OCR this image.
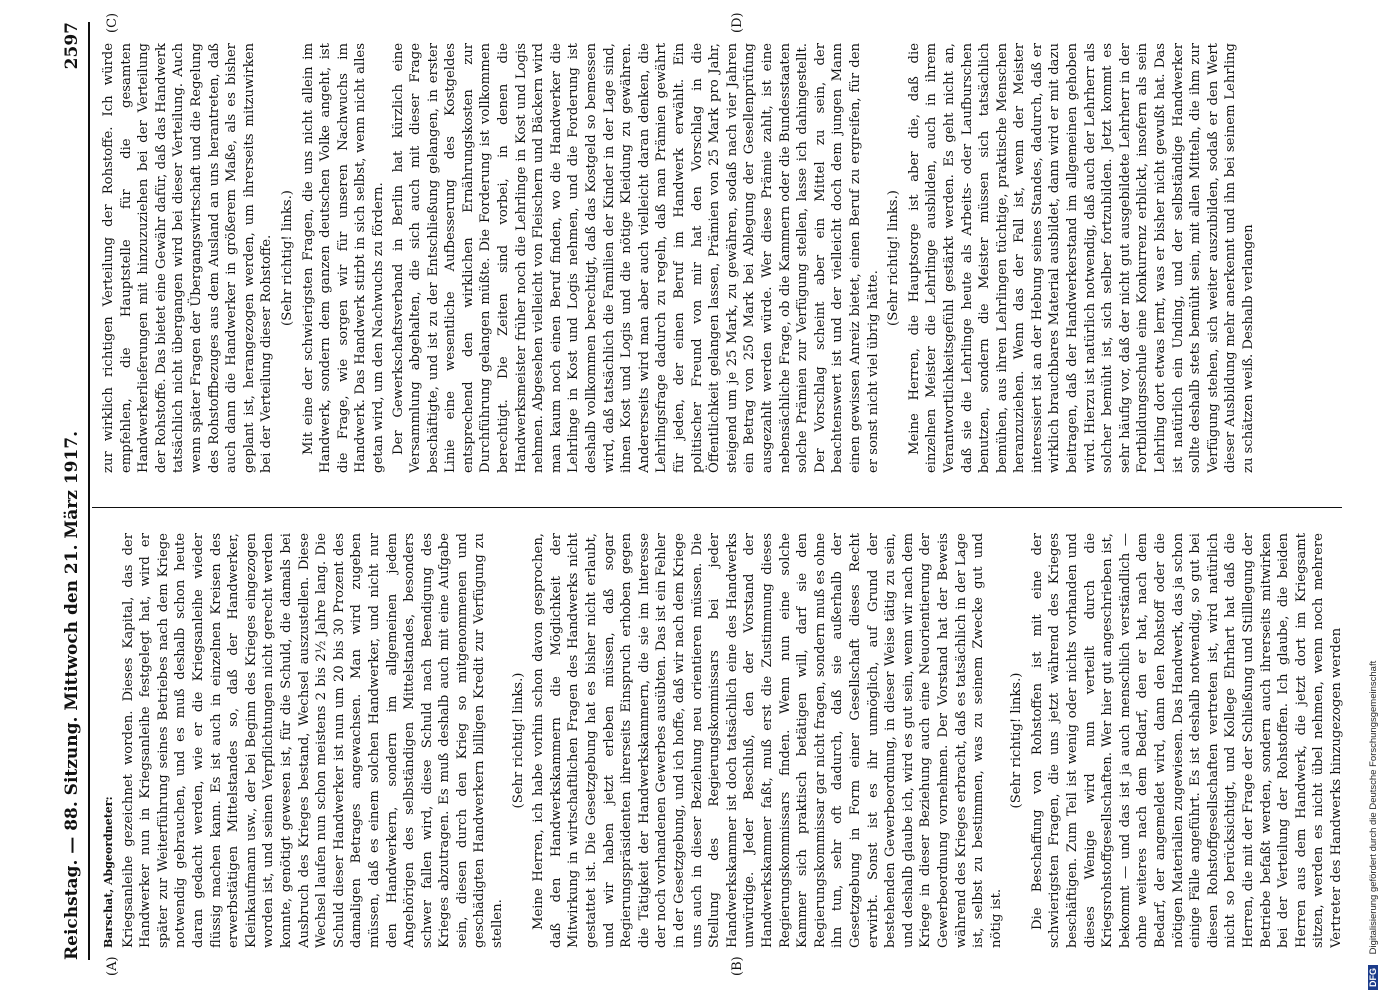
Reichstag. — 88. Sitzung. Mittwoch den 21. März 1917.
2597
(A)	(B)
(C)	(D)

Barschat, Abgeordneter: Kriegsanleihe gezeichnet worden. Dieses Kapital, das der Handwerker nun in Kriegsanleihe festgelegt hat, wird er später zur Weiterführung seines Betriebes nach dem Kriege notwendig gebrauchen, und es muß deshalb schon heute daran gedacht werden, wie er die Kriegsanleihe wieder flüssig machen kann. Es ist auch in einzelnen Kreisen des erwerbstätigen Mittelstandes so, daß der Handwerker, Kleinkaufmann usw., der bei Beginn des Krieges eingezogen worden ist, und seinen Verpflichtungen nicht gerecht werden konnte, genötigt gewesen ist, für die Schuld, die damals bei Ausbruch des Krieges bestand, Wechsel auszustellen. Diese Wechsel laufen nun schon meistens 2 bis 2½ Jahre lang. Die Schuld dieser Handwerker ist nun um 20 bis 30 Prozent des damaligen Betrages angewachsen. Man wird zugeben müssen, daß es einem solchen Handwerker, und nicht nur den Handwerkern, sondern im allgemeinen jedem Angehörigen des selbständigen Mittelstandes, besonders schwer fallen wird, diese Schuld nach Beendigung des Krieges abzutragen. Es muß deshalb auch mit eine Aufgabe sein, diesen durch den Krieg so mitgenommenen und geschädigten Handwerkern billigen Kredit zur Verfügung zu stellen.

(Sehr richtig! links.) Meine Herren, ich habe vorhin schon davon gesprochen, daß den Handwerkskammern die Möglichkeit der Mitwirkung in wirtschaftlichen Fragen des Handwerks nicht gestattet ist. Die Gesetzgebung hat es bisher nicht erlaubt, und wir haben jetzt erleben müssen, daß sogar Regierungspräsidenten ihrerseits Einspruch erhoben gegen die Tätigkeit der Handwerkskammern, die sie im Interesse der noch vorhandenen Gewerbes ausübten. Das ist ein Fehler in der Gesetzgebung, und ich hoffe, daß wir nach dem Kriege uns auch in dieser Beziehung neu orientieren müssen. Die Stellung des Regierungskommissars bei jeder Handwerkskammer ist doch tatsächlich eine des Handwerks unwürdige. Jeder Beschluß, den der Vorstand der Handwerkskammer faßt, muß erst die Zustimmung dieses Regierungskommissars finden. Wenn nun eine solche Kammer sich praktisch betätigen will, darf sie den Regierungskommissar gar nicht fragen, sondern muß es ohne ihn tun, sehr oft dadurch, daß sie außerhalb der Gesetzgebung in Form einer Gesellschaft dieses Recht erwirbt. Sonst ist es ihr unmöglich, auf Grund der bestehenden Gewerbeordnung, in dieser Weise tätig zu sein, und deshalb glaube ich, wird es gut sein, wenn wir nach dem Kriege in dieser Beziehung auch eine Neuorientierung der Gewerbeordnung vornehmen. Der Vorstand hat der Beweis während des Krieges erbracht, daß es tatsächlich in der Lage ist, selbst zu bestimmen, was zu seinem Zwecke gut und nötig ist.

(Sehr richtig! links.) Die Beschaffung von Rohstoffen ist mit eine der schwierigsten Fragen, die uns jetzt während des Krieges beschäftigen. Zum Teil ist wenig oder nichts vorhanden und dieses Wenige wird nun verteilt durch die Kriegsrohstoffgesellschaften. Wer hier gut angeschrieben ist, bekommt — und das ist ja auch menschlich verständlich — ohne weiteres nach dem Bedarf, den er hat, nach dem Bedarf, der angemeldet wird, dann den Rohstoff oder die nötigen Materialien zugewiesen. Das Handwerk, das ja schon einige Fälle angeführt. Es ist deshalb notwendig, so gut bei diesen Rohstoffgesellschaften vertreten ist, wird natürlich nicht so berücksichtigt, und Kollege Ehrhart hat daß die Herren, die mit der Frage der Schließung und Stilllegung der Betriebe befaßt werden, sondern auch ihrerseits mitwirken bei der Verteilung der Rohstoffen. Ich glaube, die beiden Herren aus dem Handwerk, die jetzt dort im Kriegsamt sitzen, werden es nicht übel nehmen, wenn noch mehrere Vertreter des Handwerks hinzugezogen werden

zur wirklich richtigen Verteilung der Rohstoffe. Ich würde empfehlen, die Hauptstelle für die gesamten Handwerkerlieferungen mit hinzuzuziehen bei der Verteilung der Rohstoffe. Das bietet eine Gewähr dafür, daß das Handwerk tatsächlich nicht übergangen wird bei dieser Verteilung. Auch wenn später Fragen der Übergangswirtschaft und die Regelung des Rohstoffbezuges aus dem Ausland an uns herantreten, daß auch dann die Handwerker in größerem Maße, als es bisher geplant ist, herangezogen werden, um ihrerseits mitzuwirken bei der Verteilung dieser Rohstoffe. (Sehr richtig! links.) Mit eine der schwierigsten Fragen, die uns nicht allein im Handwerk, sondern dem ganzen deutschen Volke angeht, ist die Frage, wie sorgen wir für unseren Nachwuchs im Handwerk. Das Handwerk stirbt in sich selbst, wenn nicht alles getan wird, um den Nachwuchs zu fördern. Der Gewerkschaftsverband in Berlin hat kürzlich eine Versammlung abgehalten, die sich auch mit dieser Frage beschäftigte, und ist zu der Entschließung gelangen, in erster Linie eine wesentliche Aufbesserung des Kostgeldes entsprechend den wirklichen Ernährungskosten zur Durchführung gelangen müßte. Die Forderung ist vollkommen berechtigt. Die Zeiten sind vorbei, in denen die Handwerksmeister früher noch die Lehrlinge in Kost und Logis nehmen. Abgesehen vielleicht von Fleischern und Bäckern wird man kaum noch einen Beruf finden, wo die Handwerker die Lehrlinge in Kost und Logis nehmen, und die Forderung ist deshalb vollkommen berechtigt, daß das Kostgeld so bemessen wird, daß tatsächlich die Familien der Kinder in der Lage sind, ihnen Kost und Logis und die nötige Kleidung zu gewähren. Andererseits wird man aber auch vielleicht daran denken, die Lehrlingsfrage dadurch zu regeln, daß man Prämien gewährt für jeden, der einen Beruf im Handwerk erwählt. Ein politischer Freund von mir hat den Vorschlag in die Öffentlichkeit gelangen lassen, Prämien von 25 Mark pro Jahr, steigend um je 25 Mark, zu gewähren, sodaß nach vier Jahren ein Betrag von 250 Mark bei Ablegung der Gesellenprüfung ausgezahlt werden würde. Wer diese Prämie zahlt, ist eine nebensächliche Frage, ob die Kammern oder die Bundesstaaten solche Prämien zur Verfügung stellen, lasse ich dahingestellt. Der Vorschlag scheint aber ein Mittel zu sein, der beachtenswert ist und der vielleicht doch dem jungen Mann einen gewissen Anreiz bietet, einen Beruf zu ergreifen, für den er sonst nicht viel übrig hätte.

(Sehr richtig! links.) Meine Herren, die Hauptsorge ist aber die, daß die einzelnen Meister die Lehrlinge ausbilden, auch in ihrem Verantwortlichkeitsgefühl gestärkt werden. Es geht nicht an, daß sie die Lehrlinge heute als Arbeits- oder Laufburschen benutzen, sondern die Meister müssen sich tatsächlich bemühen, aus ihren Lehrlingen tüchtige, praktische Menschen heranzuziehen. Wenn das der Fall ist, wenn der Meister interessiert ist an der Hebung seines Standes, dadurch, daß er wirklich brauchbares Material ausbildet, dann wird er mit dazu beitragen, daß der Handwerkerstand im allgemeinen gehoben wird. Hierzu ist natürlich notwendig, daß auch der Lehrherr als solcher bemüht ist, sich selber fortzubilden. Jetzt kommt es sehr häufig vor, daß der nicht gut ausgebildete Lehrherr in der Fortbildungsschule eine Konkurrenz erblickt, insofern als sein Lehrling dort etwas lernt, was er bisher nicht gewußt hat. Das ist natürlich ein Unding, und der selbständige Handwerker sollte deshalb stets bemüht sein, mit allen Mitteln, die ihm zur Verfügung stehen, sich weiter auszubilden, sodaß er den Wert dieser Ausbildung mehr anerkennt und ihn bei seinem Lehrling zu schätzen weiß. Deshalb verlangen

DFG Digitalisierung gefördert durch die Deutsche Forschungsgemeinschaft
